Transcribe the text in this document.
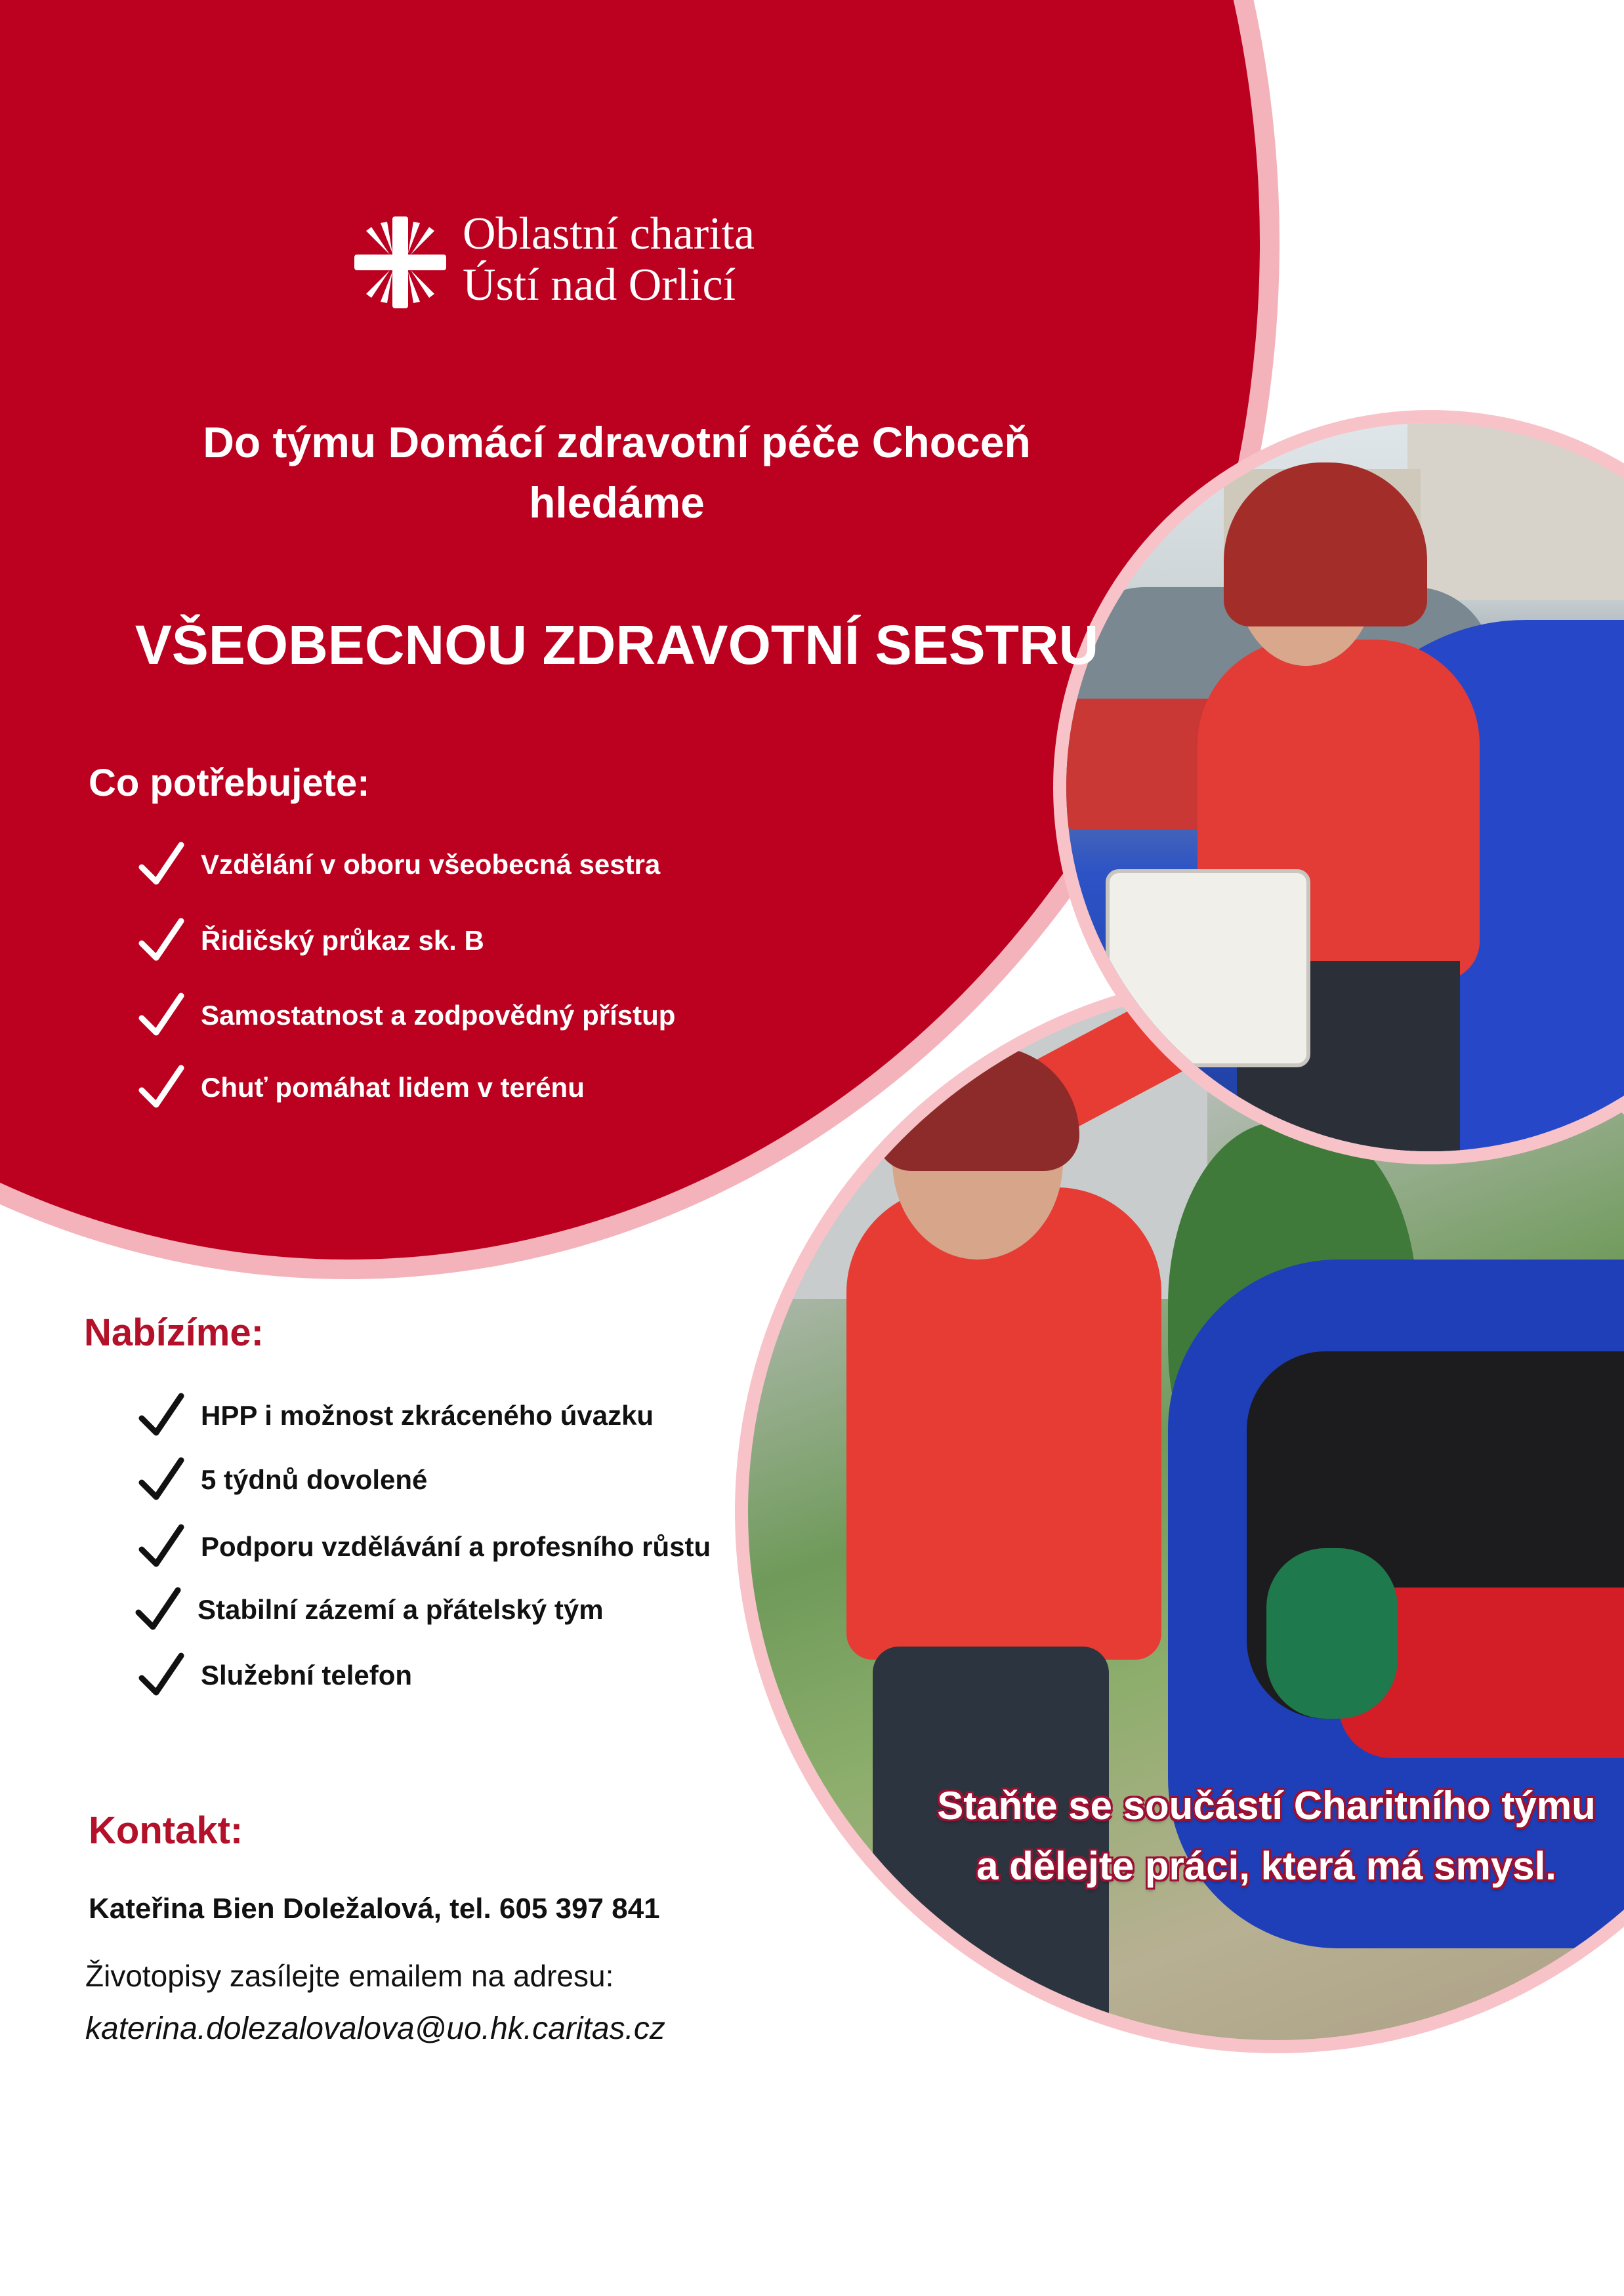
Oblastní charita
Ústí nad Orlicí
Do týmu Domácí zdravotní péče Choceň
hledáme
VŠEOBECNOU ZDRAVOTNÍ SESTRU
Co potřebujete:
Vzdělání v oboru všeobecná sestra
Řidičský průkaz sk. B
Samostatnost a zodpovědný přístup
Chuť pomáhat lidem v terénu
Nabízíme:
HPP i možnost zkráceného úvazku
5 týdnů dovolené
Podporu vzdělávání a profesního růstu
Stabilní zázemí a přátelský tým
Služební telefon
Kontakt:
Kateřina Bien Doležalová, tel. 605 397 841
Životopisy zasílejte emailem na adresu:
katerina.dolezalovalova@uo.hk.caritas.cz
Staňte se součástí Charitního týmu
a dělejte práci, která má smysl.
